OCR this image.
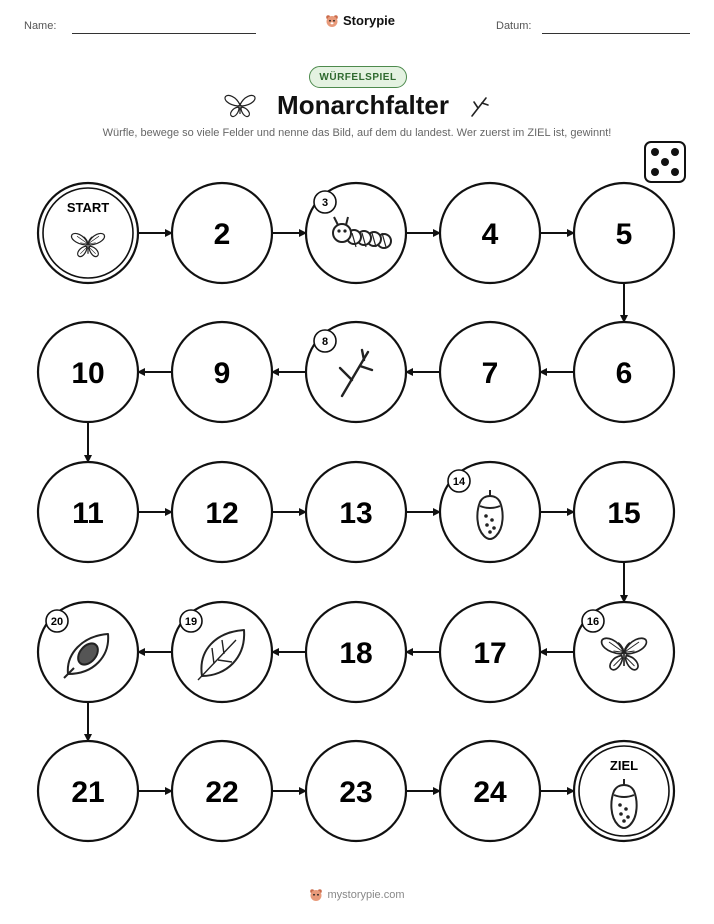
Name:	Storypie	Datum:
WÜRFELSPIEL
Monarchfalter
Würfle, bewege so viele Felder und nenne das Bild, auf dem du landest. Wer zuerst im ZIEL ist, gewinnt!
START
2
3
4	5
6
7
8
9
10
11	12	13
14
15
16
17
18
19
20
21	22	23	24
ZIEL
mystorypie.com
